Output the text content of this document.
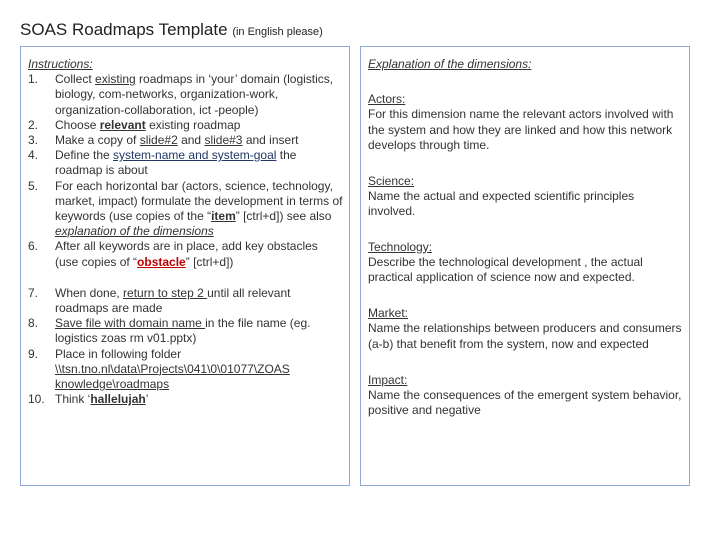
SOAS Roadmaps Template (in English please)
Instructions:
1.	Collect existing roadmaps in ‘your’ domain (logistics, biology, com-networks, organization-work, organization-collaboration, ict -people)
2.	Choose relevant existing roadmap
3.	Make a copy of slide#2 and slide#3 and insert
4.	Define the system-name and system-goal the roadmap is about
5.	For each horizontal bar (actors, science, technology, market, impact) formulate the development in terms of keywords (use copies of the “item” [ctrl+d]) see also explanation of the dimensions
6.	After all keywords are in place, add key obstacles (use copies of “obstacle” [ctrl+d])
7.	When done, return to step 2 until all relevant roadmaps are made
8.	Save file with domain name in the file name (eg. logistics zoas rm v01.pptx)
9.	Place in following folder \\tsn.tno.nl\data\Projects\041\0\01077\ZOAS knowledge\roadmaps
10. Think ‘hallelujah’
Explanation of the dimensions:
Actors:
For this dimension name the relevant actors involved with the system and how they are linked and how this network develops through time.
Science:
Name the actual and expected scientific principles involved.
Technology:
Describe the technological development , the actual practical application of science now and expected.
Market:
Name the relationships between producers and consumers (a-b) that benefit from the system, now and expected
Impact:
Name the consequences of the emergent system behavior, positive and negative
